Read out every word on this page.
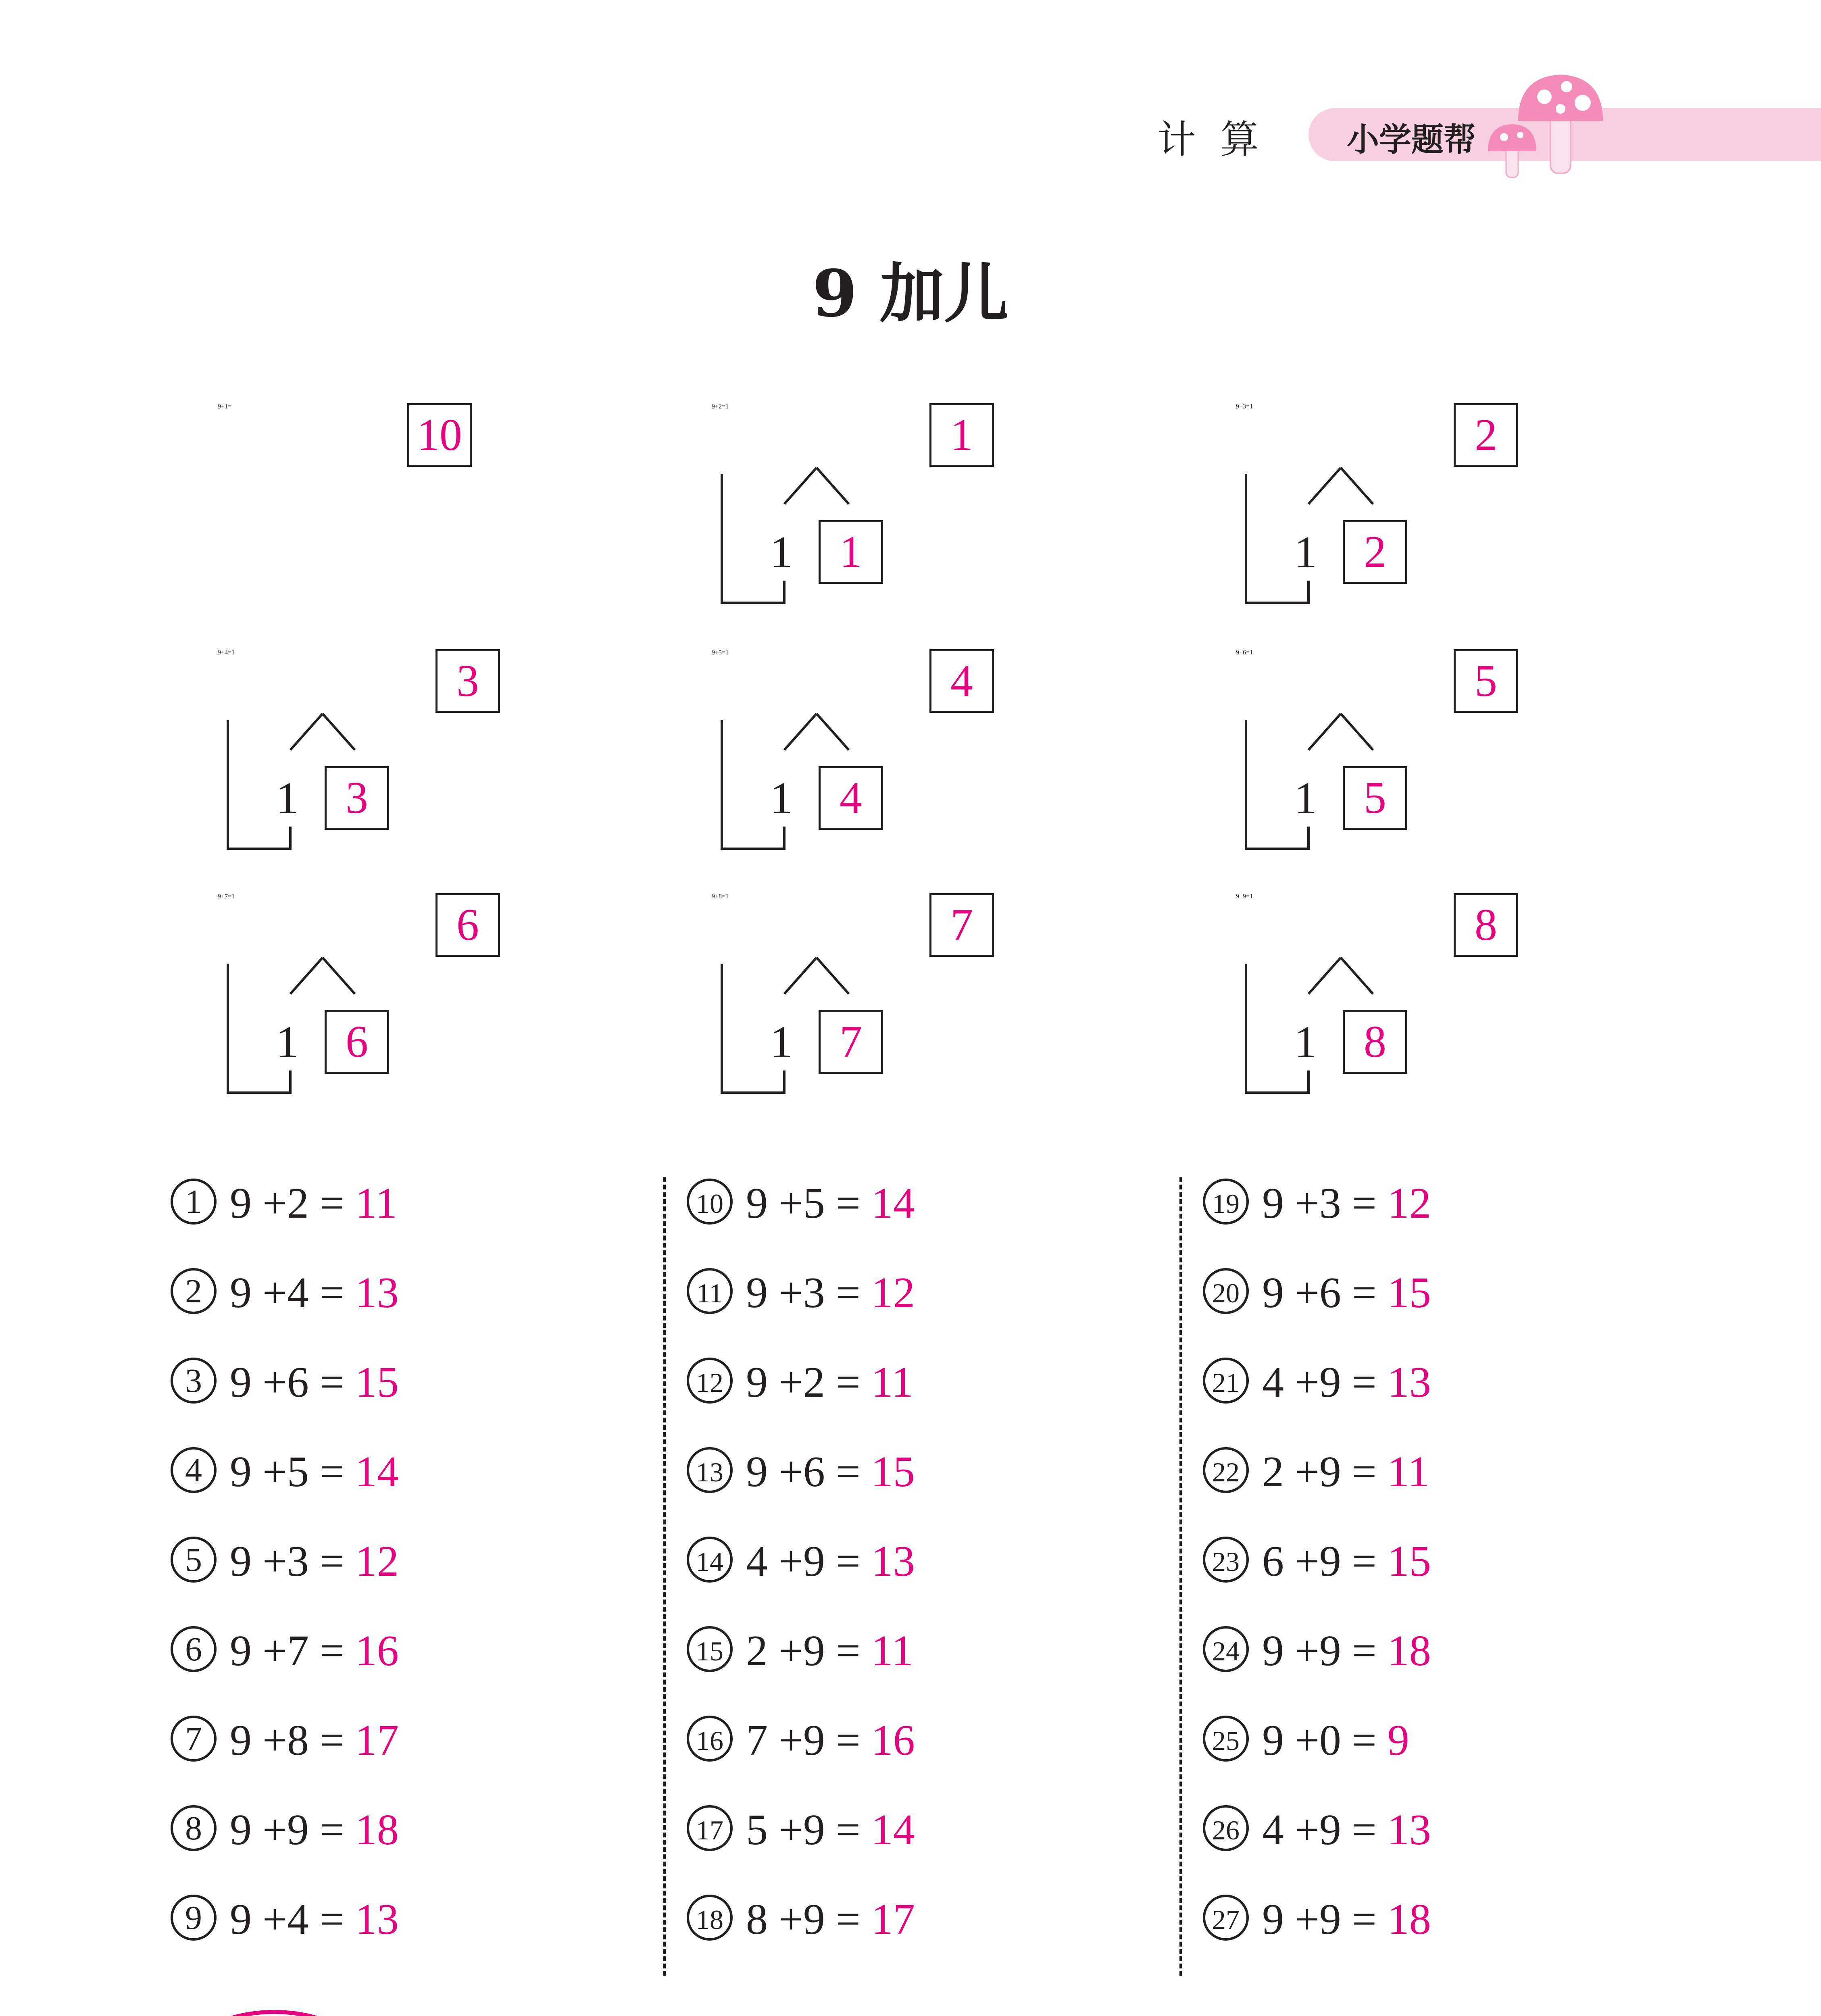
计算 小学题帮
9 加儿
9+1=
10
9+2=1
1
1	1
9+3=1
2
1	2
9+4=1
3
1	3
9+5=1
4
1	4
9+6=1
5
1	5
9+7=1
6
1	6
9+8=1
7
1	7
9+9=1
8
1	8
1 9 +2 = 11
2 9 +4 = 13
3 9 +6 = 15
4 9 +5 = 14
5 9 +3 = 12
6 9 +7 = 16
7 9 +8 = 17
8 9 +9 = 18
9 9 +4 = 13
10 9 +5 = 14
11 9 +3 = 12
12 9 +2 = 11
13 9 +6 = 15
14 4 +9 = 13
15 2 +9 = 11
16 7 +9 = 16
17 5 +9 = 14
18 8 +9 = 17
19 9 +3 = 12
20 9 +6 = 15
21 4 +9 = 13
22 2 +9 = 11
23 6 +9 = 15
24 9 +9 = 18
25 9 +0 = 9
26 4 +9 = 13
27 9 +9 = 18
